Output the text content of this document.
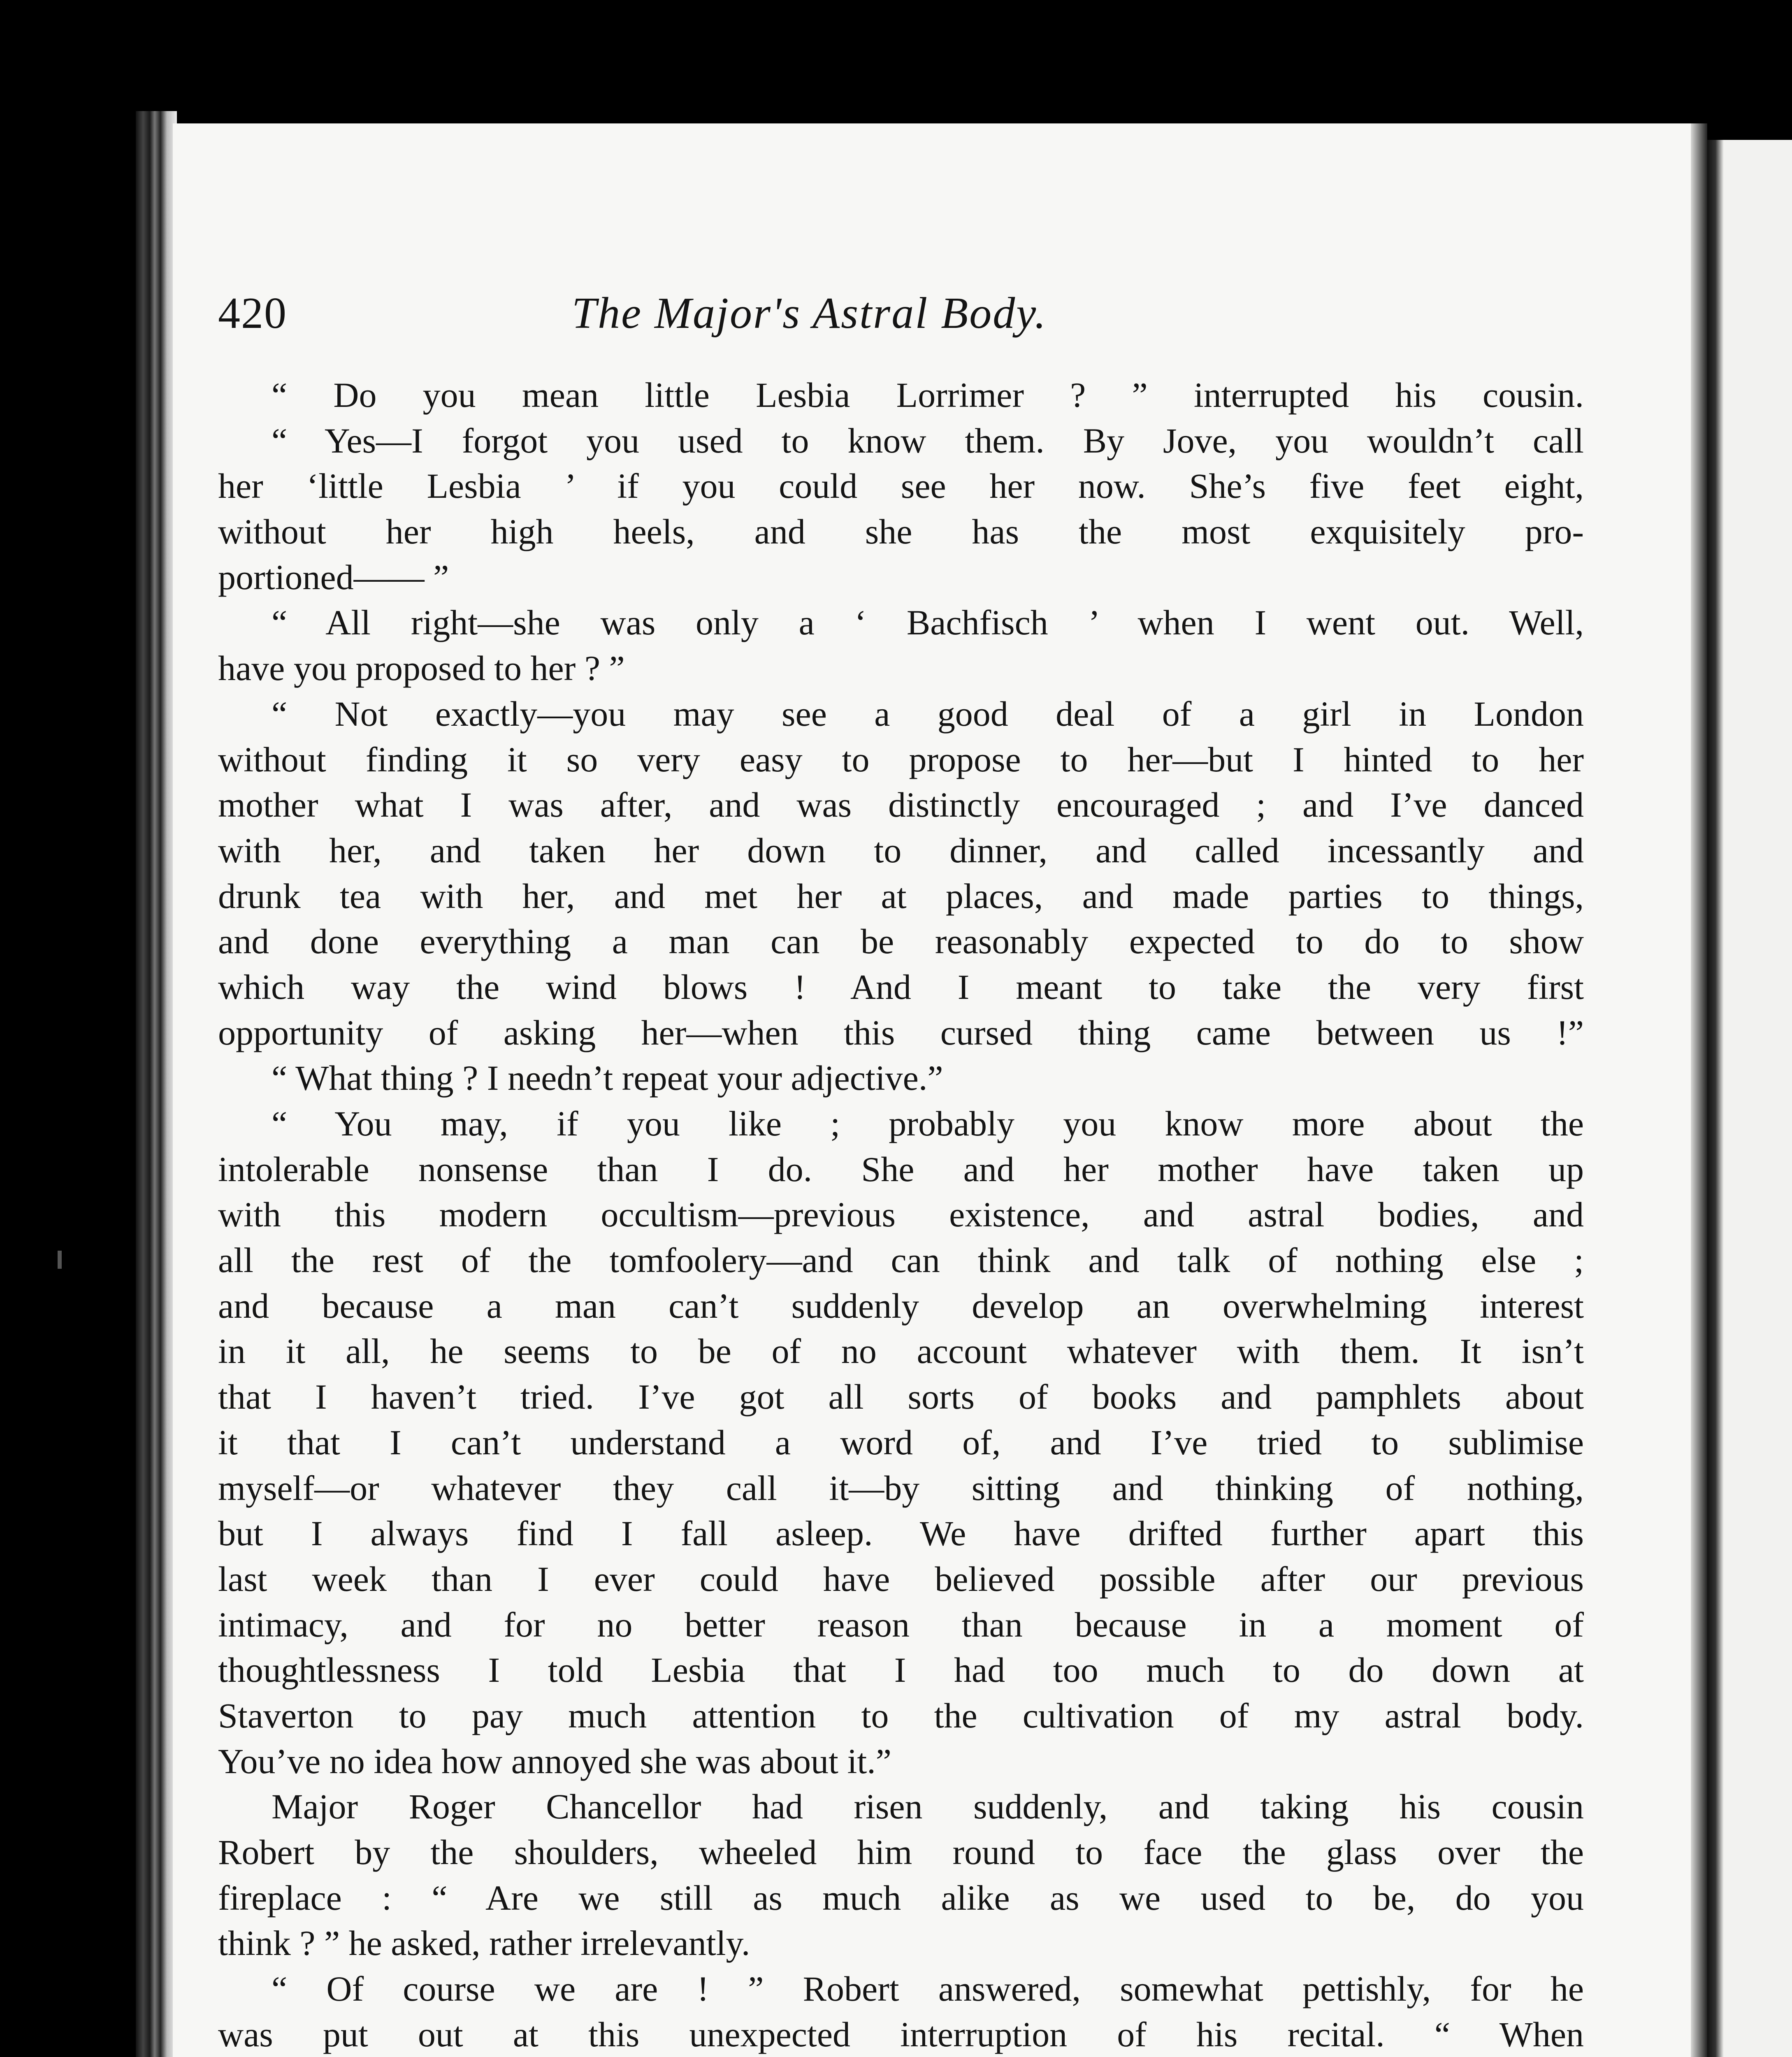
420	The Major's Astral Body.
“ Do you mean little Lesbia Lorrimer ? ” interrupted his cousin.
“ Yes—I forgot you used to know them. By Jove, you wouldn’t call
her ‘little Lesbia ’ if you could see her now. She’s five feet eight,
without her high heels, and she has the most exquisitely pro-
portioned—— ”
“ All right—she was only a ‘ Bachfisch ’ when I went out. Well,
have you proposed to her ? ”
“ Not exactly—you may see a good deal of a girl in London
without finding it so very easy to propose to her—but I hinted to her
mother what I was after, and was distinctly encouraged ; and I’ve danced
with her, and taken her down to dinner, and called incessantly and
drunk tea with her, and met her at places, and made parties to things,
and done everything a man can be reasonably expected to do to show
which way the wind blows ! And I meant to take the very first
opportunity of asking her—when this cursed thing came between us !”
“ What thing ? I needn’t repeat your adjective.”
“ You may, if you like ; probably you know more about the
intolerable nonsense than I do. She and her mother have taken up
with this modern occultism—previous existence, and astral bodies, and
all the rest of the tomfoolery—and can think and talk of nothing else ;
and because a man can’t suddenly develop an overwhelming interest
in it all, he seems to be of no account whatever with them. It isn’t
that I haven’t tried. I’ve got all sorts of books and pamphlets about
it that I can’t understand a word of, and I’ve tried to sublimise
myself—or whatever they call it—by sitting and thinking of nothing,
but I always find I fall asleep. We have drifted further apart this
last week than I ever could have believed possible after our previous
intimacy, and for no better reason than because in a moment of
thoughtlessness I told Lesbia that I had too much to do down at
Staverton to pay much attention to the cultivation of my astral body.
You’ve no idea how annoyed she was about it.”
Major Roger Chancellor had risen suddenly, and taking his cousin
Robert by the shoulders, wheeled him round to face the glass over the
fireplace : “ Are we still as much alike as we used to be, do you
think ? ” he asked, rather irrelevantly.
“ Of course we are ! ” Robert answered, somewhat pettishly, for he
was put out at this unexpected interruption of his recital. “ When
